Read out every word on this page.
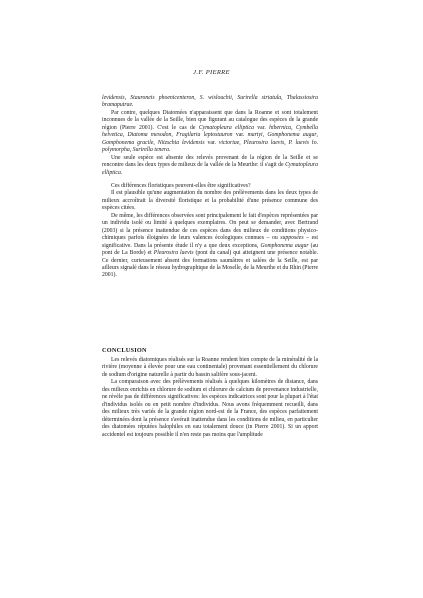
J.F. PIERRE

levidensis, Stauroneis phoenicenteron, S. wislouchii, Surirella striatula, Thalassiosira bramaputrae.

Par contre, quelques Diatomées n'apparaissent que dans la Roanne et sont totalement inconnues de la vallée de la Seille, bien que figurant au catalogue des espèces de la grande région (Pierre 2001). C'est le cas de Cymatopleura elliptica var. hibernica, Cymbella helvetica, Diatoma mesodon, Fragilaria leptostauron var. martyi, Gomphonema augur, Gomphonema gracile, Nitzschia levidensis var. victoriae, Pleurosira laevis, P. laevis fo. polymorpha, Surirella tenera.

Une seule espèce est absente des relevés provenant de la région de la Seille et se rencontre dans les deux types de milieux de la vallée de la Meurthe: il s'agit de Cymatopleura elliptica.

Ces différences floristiques peuvent-elles être significatives?

Il est plausible qu'une augmentation du nombre des prélèvements dans les deux types de milieux accroîtrait la diversité floristique et la probabilité d'une présence commune des espèces citées.

De même, les différences observées sont principalement le fait d'espèces représentées par un individu isolé ou limité à quelques exemplaires. On peut se demander, avec Bertrand (2003) si la présence inattendue de ces espèces dans des milieux de conditions physico-chimiques parfois éloignées de leurs valences écologiques connues – ou supposées – est significative. Dans la présente étude il n'y a que deux exceptions, Gomphonema augur (au pont de La Borde) et Pleurosira laevis (pont du canal) qui atteignent une présence notable. Ce dernier, curieusement absent des formations saumâtres et salées de la Seille, est par ailleurs signalé dans le réseau hydrographique de la Moselle, de la Meurthe et du Rhin (Pierre 2001).

CONCLUSION

Les relevés diatomiques réalisés sur la Roanne rendent bien compte de la minéralité de la rivière (moyenne à élevée pour une eau continentale) provenant essentiellement du chlorure de sodium d'origine naturelle à partir du bassin salifère sous-jacent.

La comparaison avec des prélèvements réalisés à quelques kilomètres de distance, dans des milieux enrichis en chlorure de sodium et chlorure de calcium de provenance industrielle, ne révèle pas de différences significatives: les espèces indicatrices sont pour la plupart à l'état d'individus isolés ou en petit nombre d'individus. Nous avons fréquemment recueilli, dans des milieux très variés de la grande région nord-est de la France, des espèces parfaitement déterminées dont la présence s'avérait inattendue dans les conditions de milieu, en particulier des diatomées réputées halophiles en eau totalement douce (in Pierre 2001). Si un apport accidentel est toujours possible il n'en reste pas moins que l'amplitude
